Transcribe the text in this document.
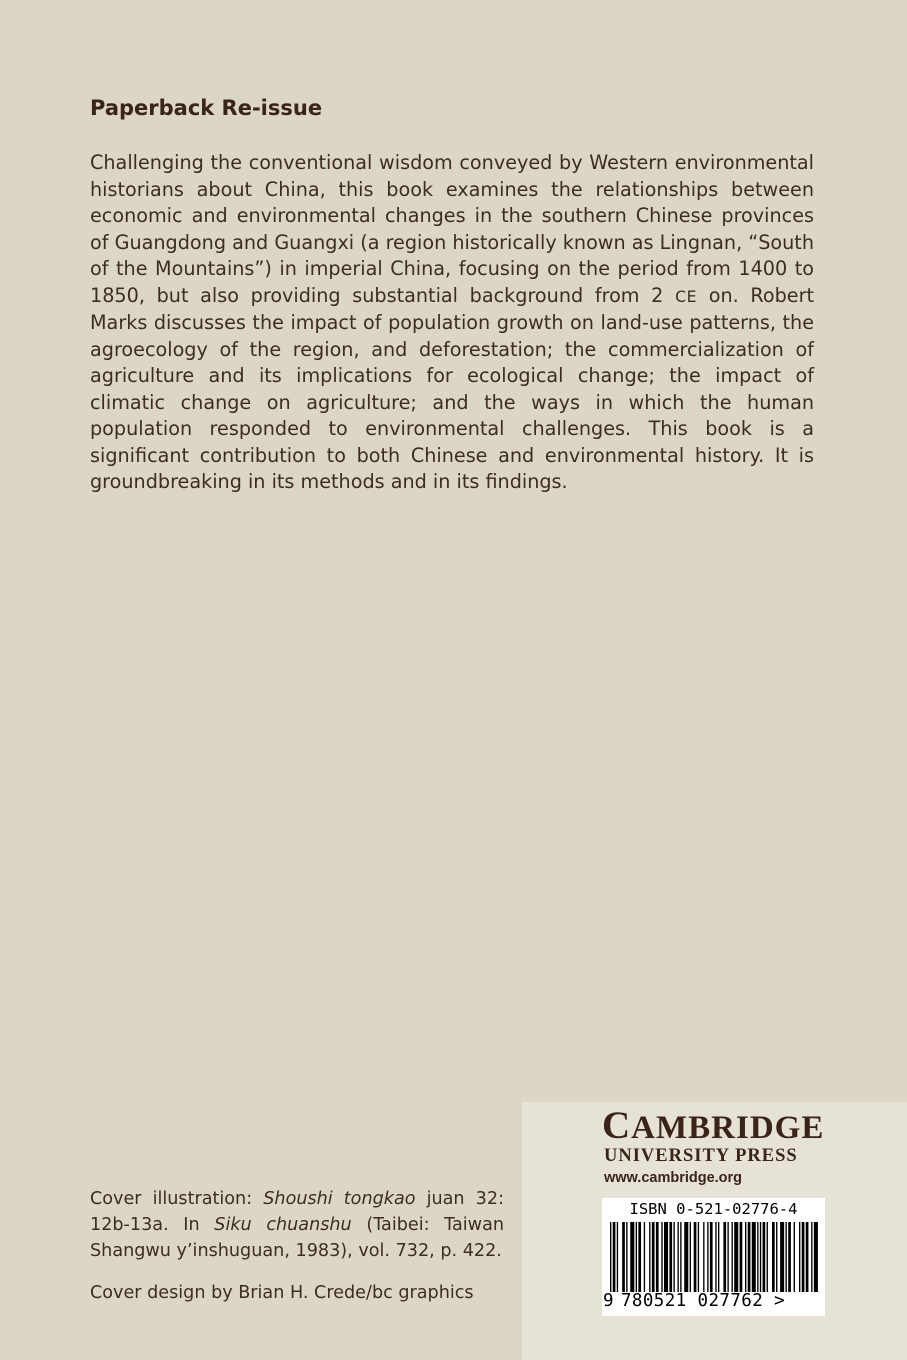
Paperback Re-issue

Challenging the conventional wisdom conveyed by Western environmental historians about China, this book examines the relationships between economic and environmental changes in the southern Chinese provinces of Guangdong and Guangxi (a region historically known as Lingnan, “South of the Mountains”) in imperial China, focusing on the period from 1400 to 1850, but also providing substantial background from 2 CE on. Robert Marks discusses the impact of population growth on land-use patterns, the agroecology of the region, and deforestation; the commercialization of agriculture and its implications for ecological change; the impact of climatic change on agriculture; and the ways in which the human population responded to environmental challenges. This book is a significant contribution to both Chinese and environmental history. It is groundbreaking in its methods and in its findings.

Cover illustration: Shoushi tongkao juan 32: 12b-13a. In Siku chuanshu (Taibei: Taiwan Shangwu y’inshuguan, 1983), vol. 732, p. 422.

Cover design by Brian H. Crede/bc graphics

CAMBRIDGE
UNIVERSITY PRESS
www.cambridge.org
ISBN 0-521-02776-4
9 780521 027762 >
